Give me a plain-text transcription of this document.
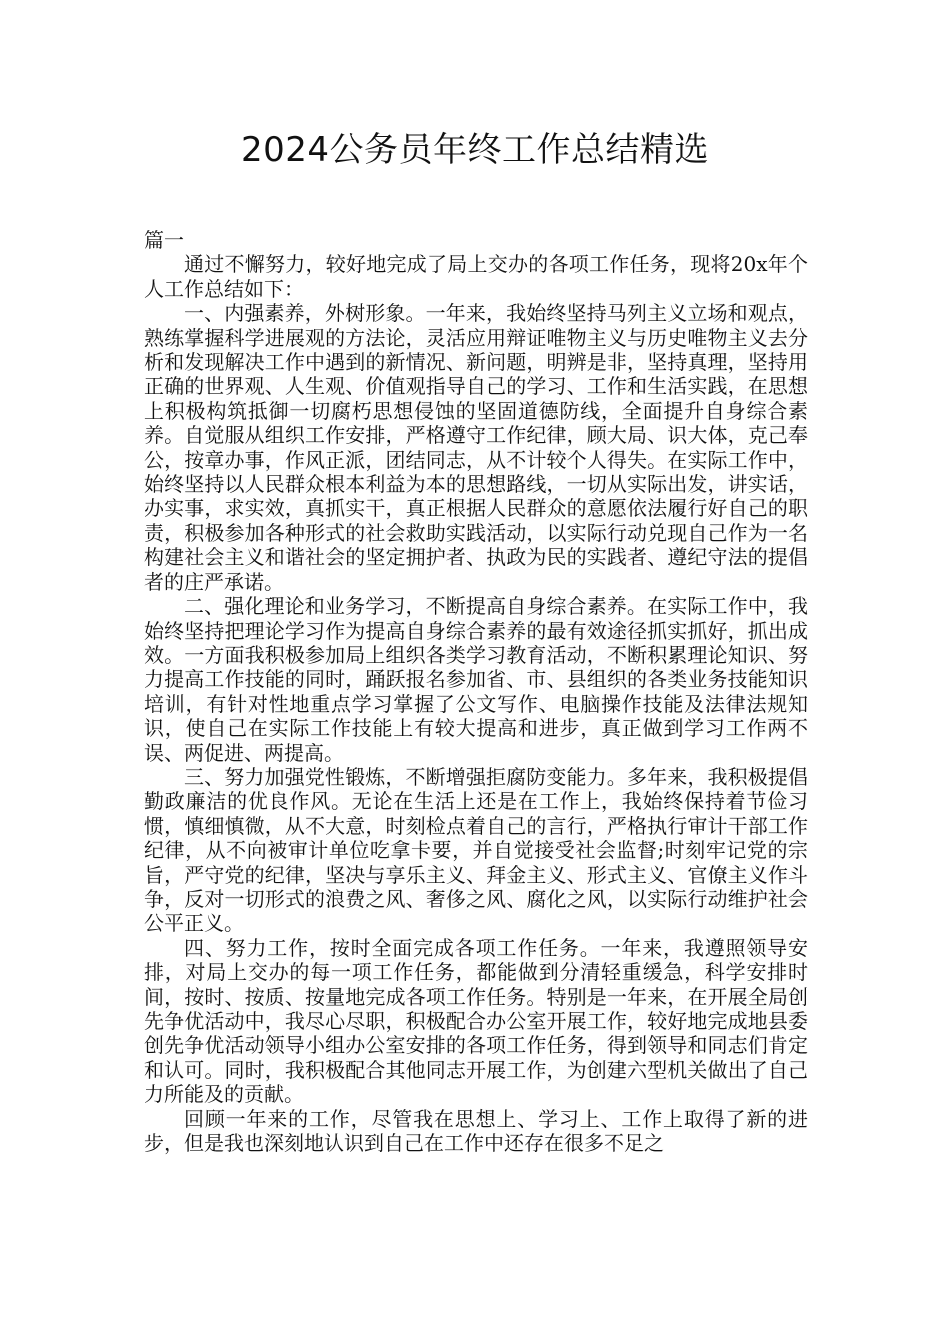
2024公务员年终工作总结精选

篇一

通过不懈努力，较好地完成了局上交办的各项工作任务，现将20x年个人工作总结如下：

一、内强素养，外树形象。一年来，我始终坚持马列主义立场和观点，熟练掌握科学进展观的方法论，灵活应用辩证唯物主义与历史唯物主义去分析和发现解决工作中遇到的新情况、新问题，明辨是非，坚持真理，坚持用正确的世界观、人生观、价值观指导自己的学习、工作和生活实践，在思想上积极构筑抵御一切腐朽思想侵蚀的坚固道德防线，全面提升自身综合素养。自觉服从组织工作安排，严格遵守工作纪律，顾大局、识大体，克己奉公，按章办事，作风正派，团结同志，从不计较个人得失。在实际工作中，始终坚持以人民群众根本利益为本的思想路线，一切从实际出发，讲实话，办实事，求实效，真抓实干，真正根据人民群众的意愿依法履行好自己的职责，积极参加各种形式的社会救助实践活动，以实际行动兑现自己作为一名构建社会主义和谐社会的坚定拥护者、执政为民的实践者、遵纪守法的提倡者的庄严承诺。

二、强化理论和业务学习，不断提高自身综合素养。在实际工作中，我始终坚持把理论学习作为提高自身综合素养的最有效途径抓实抓好，抓出成效。一方面我积极参加局上组织各类学习教育活动，不断积累理论知识、努力提高工作技能的同时，踊跃报名参加省、市、县组织的各类业务技能知识培训，有针对性地重点学习掌握了公文写作、电脑操作技能及法律法规知识，使自己在实际工作技能上有较大提高和进步，真正做到学习工作两不误、两促进、两提高。

三、努力加强党性锻炼，不断增强拒腐防变能力。多年来，我积极提倡勤政廉洁的优良作风。无论在生活上还是在工作上，我始终保持着节俭习惯，慎细慎微，从不大意，时刻检点着自己的言行，严格执行审计干部工作纪律，从不向被审计单位吃拿卡要，并自觉接受社会监督;时刻牢记党的宗旨，严守党的纪律，坚决与享乐主义、拜金主义、形式主义、官僚主义作斗争，反对一切形式的浪费之风、奢侈之风、腐化之风，以实际行动维护社会公平正义。

四、努力工作，按时全面完成各项工作任务。一年来，我遵照领导安排，对局上交办的每一项工作任务，都能做到分清轻重缓急，科学安排时间，按时、按质、按量地完成各项工作任务。特别是一年来，在开展全局创先争优活动中，我尽心尽职，积极配合办公室开展工作，较好地完成地县委创先争优活动领导小组办公室安排的各项工作任务，得到领导和同志们肯定和认可。同时，我积极配合其他同志开展工作，为创建六型机关做出了自己力所能及的贡献。

回顾一年来的工作，尽管我在思想上、学习上、工作上取得了新的进步，但是我也深刻地认识到自己在工作中还存在很多不足之
